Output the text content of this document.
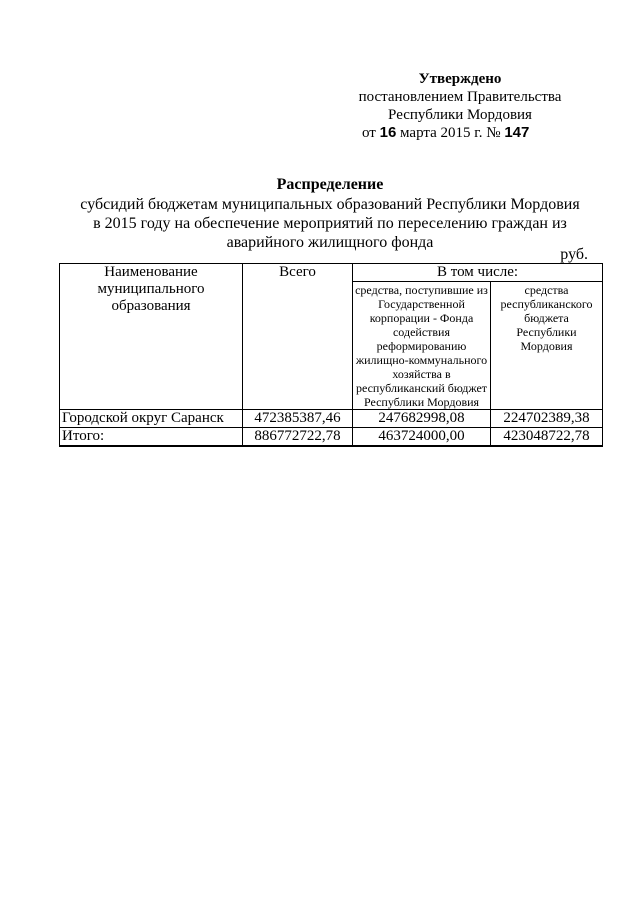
Утверждено
постановлением Правительства
Республики Мордовия
от 16 марта 2015 г. № 147
Распределение
субсидий бюджетам муниципальных образований Республики Мордовия в 2015 году на обеспечение мероприятий по переселению граждан из аварийного жилищного фонда
руб.
Наименование муниципального образования	Всего	В том числе:	
		средства, поступившие из Государственной корпорации - Фонда содействия реформированию жилищно-коммунального хозяйства в республиканский бюджет Республики Мордовия	средства республиканского бюджета Республики Мордовия
Городской округ Саранск	472385387,46	247682998,08	224702389,38
Итого:	886772722,78	463724000,00	423048722,78
